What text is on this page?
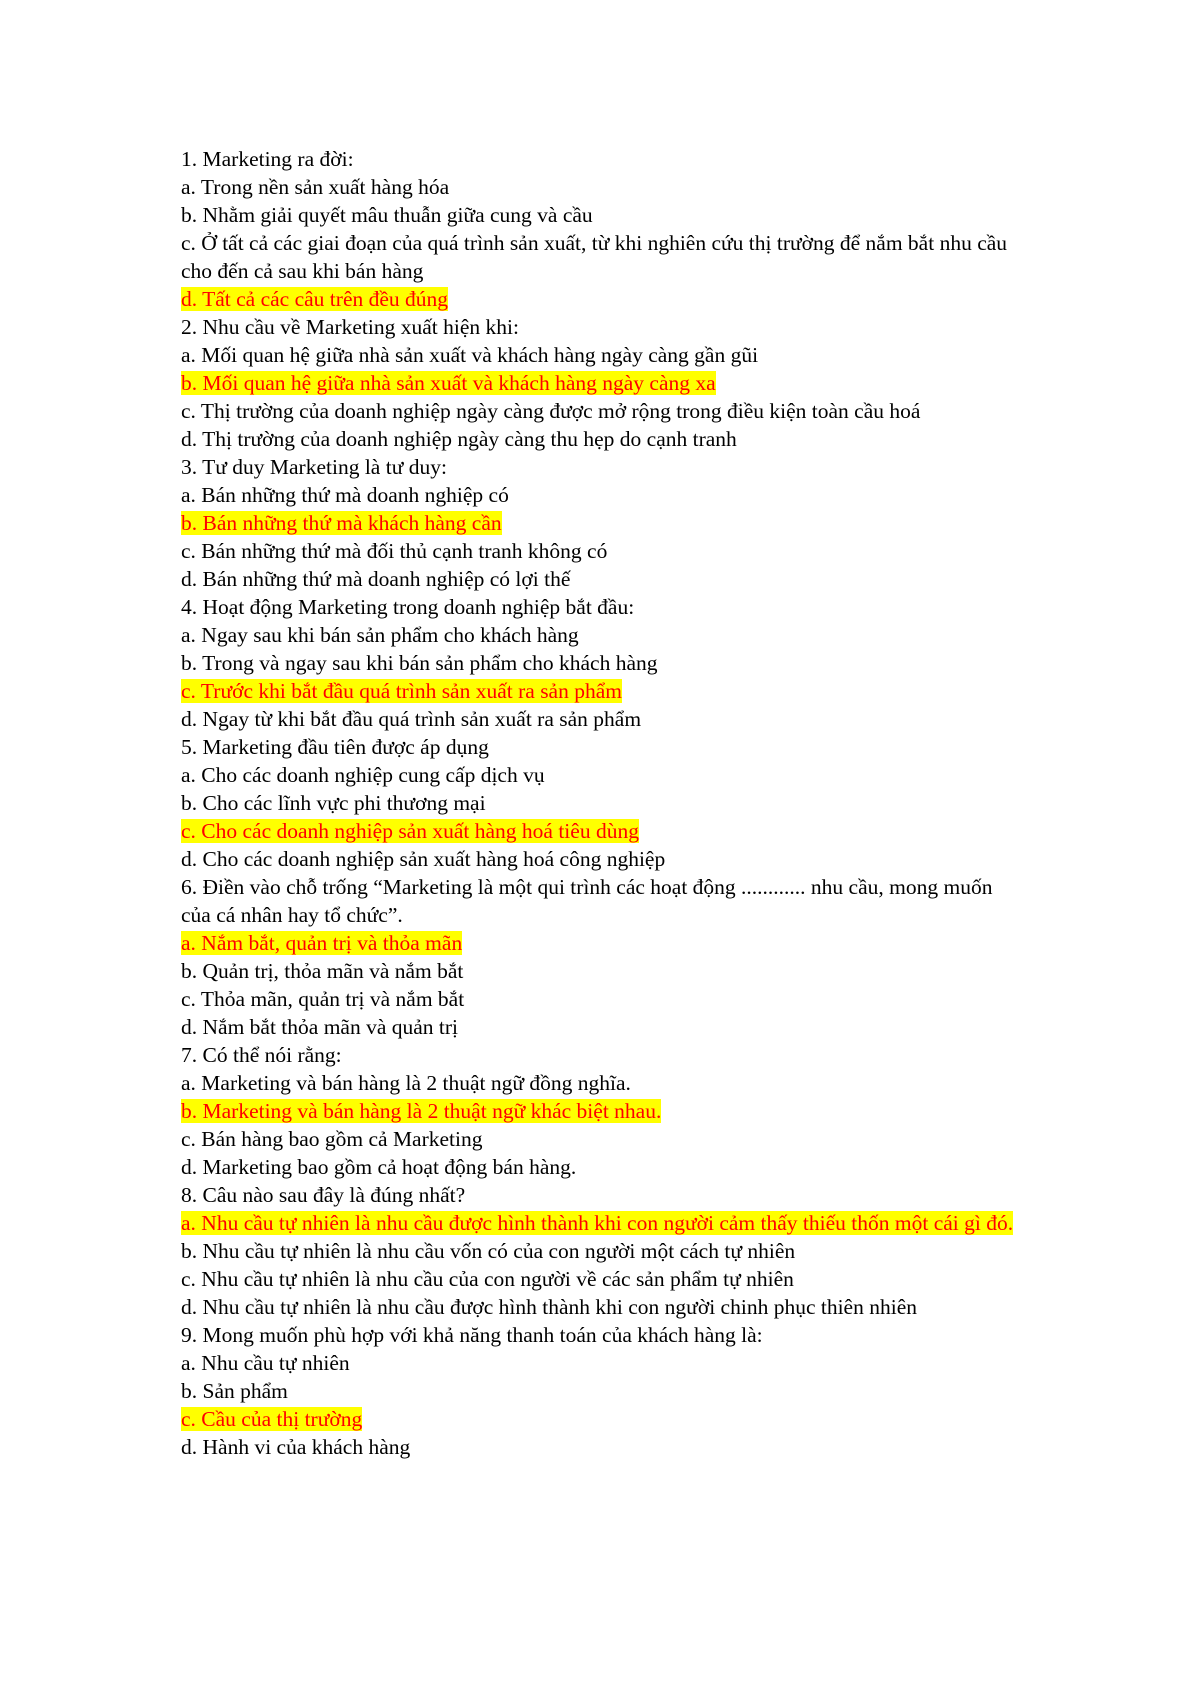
1. Marketing ra đời:
a. Trong nền sản xuất hàng hóa
b. Nhằm giải quyết mâu thuẫn giữa cung và cầu
c. Ở tất cả các giai đoạn của quá trình sản xuất, từ khi nghiên cứu thị trường để nắm bắt nhu cầu cho đến cả sau khi bán hàng
d. Tất cả các câu trên đều đúng
2. Nhu cầu về Marketing xuất hiện khi:
a. Mối quan hệ giữa nhà sản xuất và khách hàng ngày càng gần gũi
b. Mối quan hệ giữa nhà sản xuất và khách hàng ngày càng xa
c. Thị trường của doanh nghiệp ngày càng được mở rộng trong điều kiện toàn cầu hoá
d. Thị trường của doanh nghiệp ngày càng thu hẹp do cạnh tranh
3. Tư duy Marketing là tư duy:
a. Bán những thứ mà doanh nghiệp có
b. Bán những thứ mà khách hàng cần
c. Bán những thứ mà đối thủ cạnh tranh không có
d. Bán những thứ mà doanh nghiệp có lợi thế
4. Hoạt động Marketing trong doanh nghiệp bắt đầu:
a. Ngay sau khi bán sản phẩm cho khách hàng
b. Trong và ngay sau khi bán sản phẩm cho khách hàng
c. Trước khi bắt đầu quá trình sản xuất ra sản phẩm
d. Ngay từ khi bắt đầu quá trình sản xuất ra sản phẩm
5. Marketing đầu tiên được áp dụng
a. Cho các doanh nghiệp cung cấp dịch vụ
b. Cho các lĩnh vực phi thương mại
c. Cho các doanh nghiệp sản xuất hàng hoá tiêu dùng
d. Cho các doanh nghiệp sản xuất hàng hoá công nghiệp
6. Điền vào chỗ trống “Marketing là một qui trình các hoạt động ............ nhu cầu, mong muốn của cá nhân hay tổ chức”.
a. Nắm bắt, quản trị và thỏa mãn
b. Quản trị, thỏa mãn và nắm bắt
c. Thỏa mãn, quản trị và nắm bắt
d. Nắm bắt thỏa mãn và quản trị
7. Có thể nói rằng:
a. Marketing và bán hàng là 2 thuật ngữ đồng nghĩa.
b. Marketing và bán hàng là 2 thuật ngữ khác biệt nhau.
c. Bán hàng bao gồm cả Marketing
d. Marketing bao gồm cả hoạt động bán hàng.
8. Câu nào sau đây là đúng nhất?
a. Nhu cầu tự nhiên là nhu cầu được hình thành khi con người cảm thấy thiếu thốn một cái gì đó.
b. Nhu cầu tự nhiên là nhu cầu vốn có của con người một cách tự nhiên
c. Nhu cầu tự nhiên là nhu cầu của con người về các sản phẩm tự nhiên
d. Nhu cầu tự nhiên là nhu cầu được hình thành khi con người chinh phục thiên nhiên
9. Mong muốn phù hợp với khả năng thanh toán của khách hàng là:
a. Nhu cầu tự nhiên
b. Sản phẩm
c. Cầu của thị trường
d. Hành vi của khách hàng
